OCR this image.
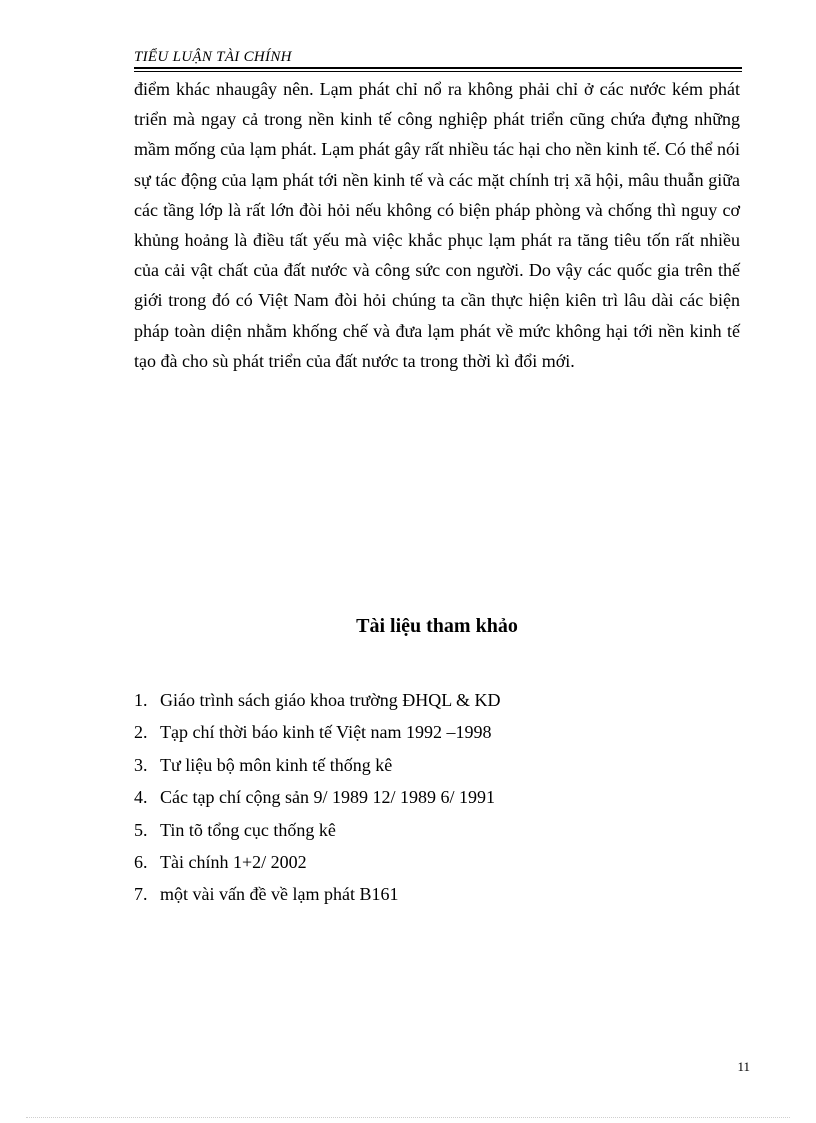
TIỂU LUẬN TÀI CHÍNH

điểm khác nhaugây nên. Lạm phát chỉ nổ ra không phải chỉ ở các nước kém phát triển mà ngay cả trong nền kinh tế công nghiệp phát triển cũng chứa đựng những mầm mống của lạm phát. Lạm phát gây rất nhiều tác hại cho nền kinh tế. Có thể nói sự tác động của lạm phát tới nền kinh tế và các mặt chính trị xã hội, mâu thuẫn giữa các tầng lớp là rất lớn đòi hỏi nếu không có biện pháp phòng và chống thì nguy cơ khủng hoảng là điều tất yếu mà việc khắc phục lạm phát ra tăng tiêu tốn rất nhiều của cải vật chất của đất nước và công sức con người. Do vậy các quốc gia trên thế giới trong đó có Việt Nam đòi hỏi chúng ta cần thực hiện kiên trì lâu dài các biện pháp toàn diện nhằm khống chế và đưa lạm phát về mức không hại tới nền kinh tế tạo đà cho sù phát triển của đất nước ta trong thời kì đổi mới.

Tài liệu tham khảo
1. Giáo trình sách giáo khoa trường ĐHQL & KD
2. Tạp chí thời báo kinh tế Việt nam 1992 –1998
3. Tư liệu bộ môn kinh tế thống kê
4. Các tạp chí cộng sản 9/ 1989 12/ 1989 6/ 1991
5. Tin tõ tổng cục thống kê
6. Tài chính 1+2/ 2002
7. một vài vấn đề về lạm phát B161
11
